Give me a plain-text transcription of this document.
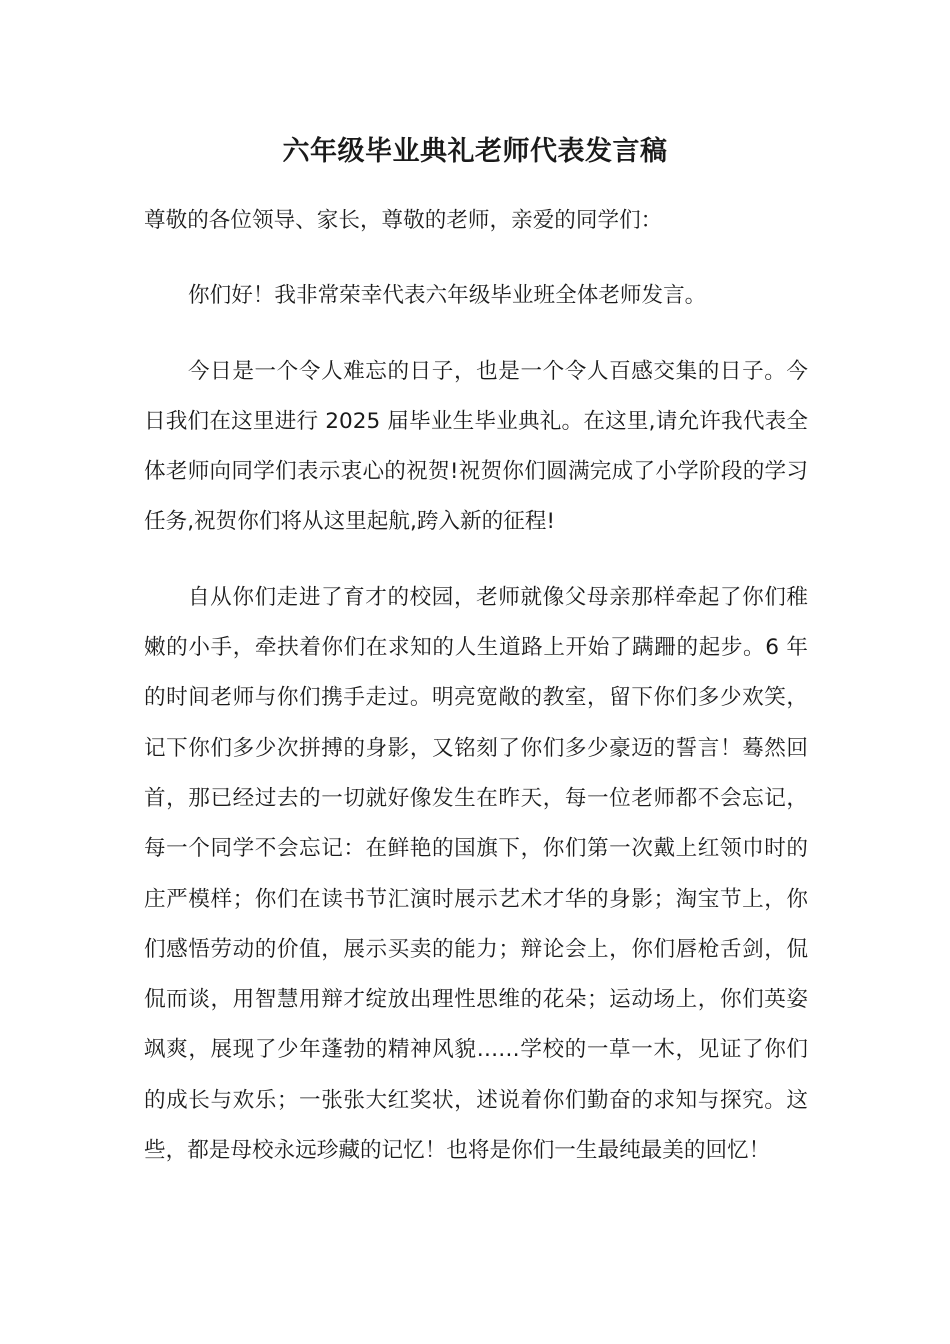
六年级毕业典礼老师代表发言稿

尊敬的各位领导、家长，尊敬的老师，亲爱的同学们：

你们好！我非常荣幸代表六年级毕业班全体老师发言。

今日是一个令人难忘的日子，也是一个令人百感交集的日子。今日我们在这里进行 2025 届毕业生毕业典礼。在这里,请允许我代表全体老师向同学们表示衷心的祝贺!祝贺你们圆满完成了小学阶段的学习任务,祝贺你们将从这里起航,跨入新的征程!

自从你们走进了育才的校园，老师就像父母亲那样牵起了你们稚嫩的小手，牵扶着你们在求知的人生道路上开始了蹒跚的起步。6 年的时间老师与你们携手走过。明亮宽敞的教室，留下你们多少欢笑，记下你们多少次拼搏的身影，又铭刻了你们多少豪迈的誓言！蓦然回首，那已经过去的一切就好像发生在昨天，每一位老师都不会忘记，每一个同学不会忘记：在鲜艳的国旗下，你们第一次戴上红领巾时的庄严模样；你们在读书节汇演时展示艺术才华的身影；淘宝节上，你们感悟劳动的价值，展示买卖的能力；辩论会上，你们唇枪舌剑，侃侃而谈，用智慧用辩才绽放出理性思维的花朵；运动场上，你们英姿飒爽，展现了少年蓬勃的精神风貌……学校的一草一木，见证了你们的成长与欢乐；一张张大红奖状，述说着你们勤奋的求知与探究。这些，都是母校永远珍藏的记忆！也将是你们一生最纯最美的回忆！
